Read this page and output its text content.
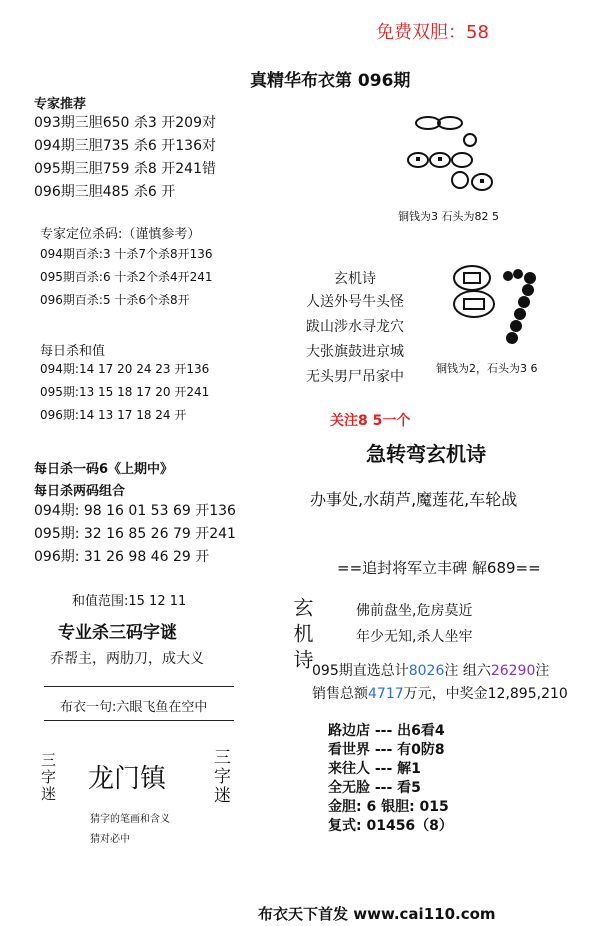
免费双胆：58
真精华布衣第 096期
专家推荐
093期三胆650 杀3 开209对
094期三胆735 杀6 开136对
095期三胆759 杀8 开241错
096期三胆485 杀6 开
专家定位杀码:（谨慎参考）
094期百杀:3 十杀7个杀8开136
095期百杀:6 十杀2个杀4开241
096期百杀:5 十杀6个杀8开
每日杀和值
094期:14 17 20 24 23 开136
095期:13 15 18 17 20 开241
096期:14 13 17 18 24 开
每日杀一码6《上期中》
每日杀两码组合
094期: 98 16 01 53 69 开136
095期: 32 16 85 26 79 开241
096期: 31 26 98 46 29 开
和值范围:15 12 11
专业杀三码字谜
乔帮主，两肋刀，成大义
布衣一句:六眼飞鱼在空中
三字迷 龙门镇	三字迷
猜字的笔画和含义
猜对必中
铜钱为3 石头为82 5
玄机诗
人送外号牛头怪
跋山涉水寻龙穴
大张旗鼓进京城
无头男尸吊家中
铜钱为2，石头为3 6
关注8 5一个
急转弯玄机诗
办事处,水葫芦,魔莲花,车轮战
==追封将军立丰碑 解689==
玄机诗	佛前盘坐,危房莫近
年少无知,杀人坐牢
095期直选总计8026注 组六26290注
销售总额4717万元，中奖金12,895,210
路边店 --- 出6看4
看世界 --- 有0防8
来往人 --- 解1
全无脸 --- 看5
金胆: 6 银胆: 015
复式: 01456（8）
布衣天下首发 www.cai110.com
